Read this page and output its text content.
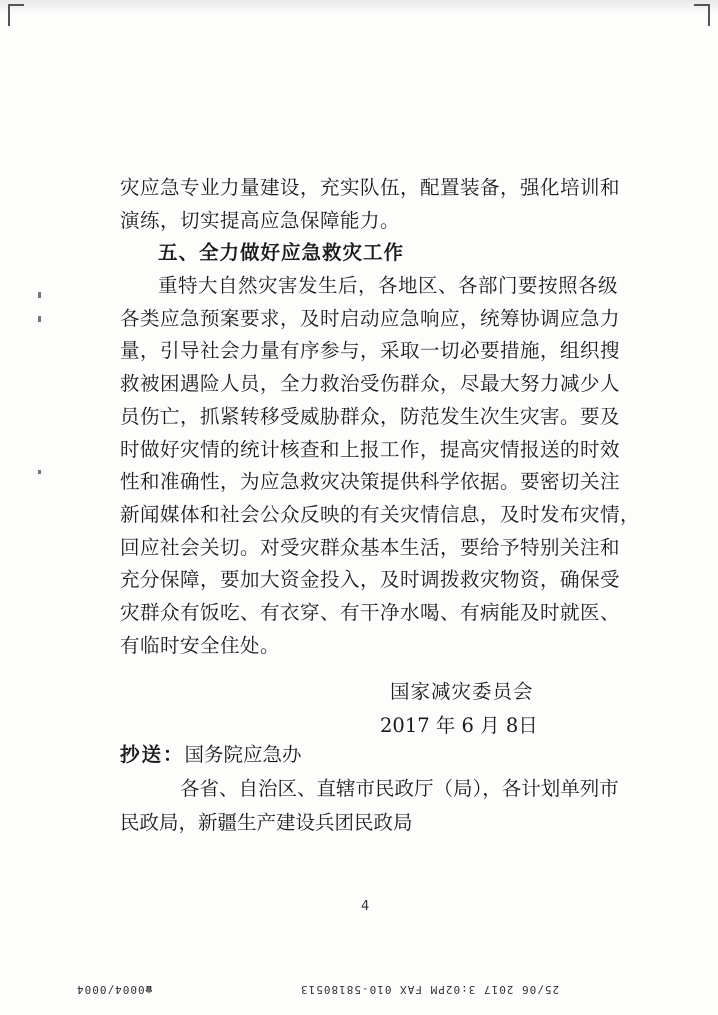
灾应急专业力量建设，充实队伍，配置装备，强化培训和
演练，切实提高应急保障能力。
五、全力做好应急救灾工作
重特大自然灾害发生后，各地区、各部门要按照各级
各类应急预案要求，及时启动应急响应，统筹协调应急力
量，引导社会力量有序参与，采取一切必要措施，组织搜
救被困遇险人员，全力救治受伤群众，尽最大努力减少人
员伤亡，抓紧转移受威胁群众，防范发生次生灾害。要及
时做好灾情的统计核查和上报工作，提高灾情报送的时效
性和准确性，为应急救灾决策提供科学依据。要密切关注
新闻媒体和社会公众反映的有关灾情信息，及时发布灾情，
回应社会关切。对受灾群众基本生活，要给予特别关注和
充分保障，要加大资金投入，及时调拨救灾物资，确保受
灾群众有饭吃、有衣穿、有干净水喝、有病能及时就医、
有临时安全住处。
国家减灾委员会
2017 年 6 月 8日
抄送：国务院应急办
各省、自治区、直辖市民政厅（局），各计划单列市
民政局，新疆生产建设兵团民政局
4
☎0004/0004	25/06 2017 3:02PM FAX 010-58180513
